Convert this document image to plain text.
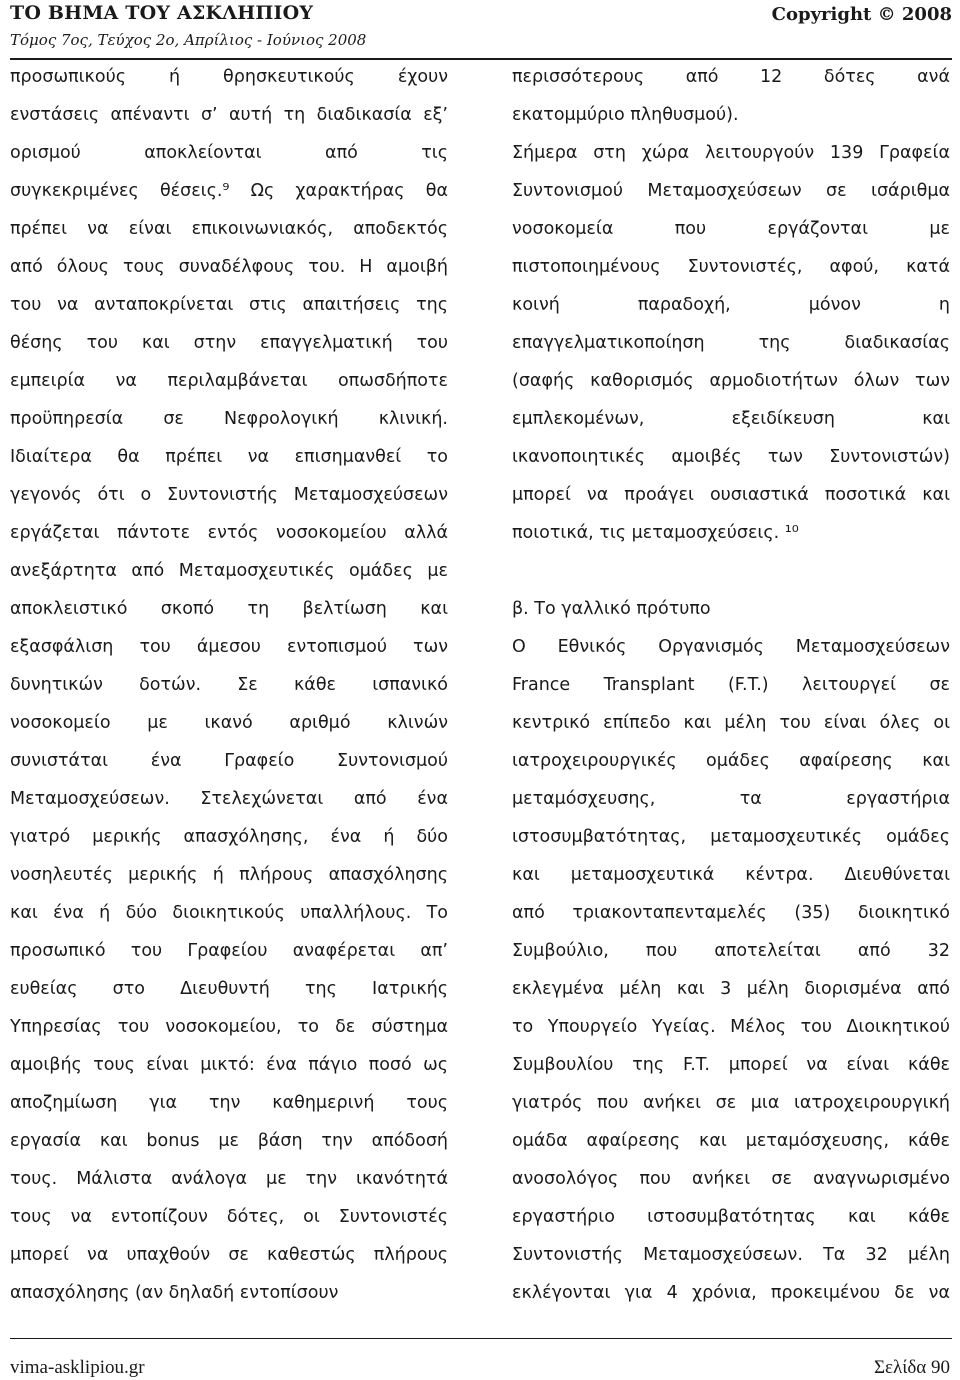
ΤΟ ΒΗΜΑ ΤΟΥ ΑΣΚΛΗΠΙΟΥ	Copyright © 2008
Τόμος 7ος, Τεύχος 2ο, Απρίλιος - Ιούνιος 2008
προσωπικούς ή θρησκευτικούς έχουν
ενστάσεις απέναντι σ’ αυτή τη διαδικασία εξ’
ορισμού αποκλείονται από τις
συγκεκριμένες θέσεις.⁹ Ως χαρακτήρας θα
πρέπει να είναι επικοινωνιακός, αποδεκτός
από όλους τους συναδέλφους του. Η αμοιβή
του να ανταποκρίνεται στις απαιτήσεις της
θέσης του και στην επαγγελματική του
εμπειρία να περιλαμβάνεται οπωσδήποτε
προϋπηρεσία σε Νεφρολογική κλινική.
Ιδιαίτερα θα πρέπει να επισημανθεί το
γεγονός ότι ο Συντονιστής Μεταμοσχεύσεων
εργάζεται πάντοτε εντός νοσοκομείου αλλά
ανεξάρτητα από Μεταμοσχευτικές ομάδες με
αποκλειστικό σκοπό τη βελτίωση και
εξασφάλιση του άμεσου εντοπισμού των
δυνητικών δοτών. Σε κάθε ισπανικό
νοσοκομείο με ικανό αριθμό κλινών
συνιστάται ένα Γραφείο Συντονισμού
Μεταμοσχεύσεων. Στελεχώνεται από ένα
γιατρό μερικής απασχόλησης, ένα ή δύο
νοσηλευτές μερικής ή πλήρους απασχόλησης
και ένα ή δύο διοικητικούς υπαλλήλους. Το
προσωπικό του Γραφείου αναφέρεται απ’
ευθείας στο Διευθυντή της Ιατρικής
Υπηρεσίας του νοσοκομείου, το δε σύστημα
αμοιβής τους είναι μικτό: ένα πάγιο ποσό ως
αποζημίωση για την καθημερινή τους
εργασία και bonus με βάση την απόδοσή
τους. Μάλιστα ανάλογα με την ικανότητά
τους να εντοπίζουν δότες, οι Συντονιστές
μπορεί να υπαχθούν σε καθεστώς πλήρους
απασχόλησης (αν δηλαδή εντοπίσουν
περισσότερους από 12 δότες ανά
εκατομμύριο πληθυσμού).
Σήμερα στη χώρα λειτουργούν 139 Γραφεία
Συντονισμού Μεταμοσχεύσεων σε ισάριθμα
νοσοκομεία που εργάζονται με
πιστοποιημένους Συντονιστές, αφού, κατά
κοινή παραδοχή, μόνον η
επαγγελματικοποίηση της διαδικασίας
(σαφής καθορισμός αρμοδιοτήτων όλων των
εμπλεκομένων, εξειδίκευση και
ικανοποιητικές αμοιβές των Συντονιστών)
μπορεί να προάγει ουσιαστικά ποσοτικά και
ποιοτικά, τις μεταμοσχεύσεις. ¹⁰
β. Το γαλλικό πρότυπο
Ο Εθνικός Οργανισμός Μεταμοσχεύσεων
France Transplant (F.T.) λειτουργεί σε
κεντρικό επίπεδο και μέλη του είναι όλες οι
ιατροχειρουργικές ομάδες αφαίρεσης και
μεταμόσχευσης, τα εργαστήρια
ιστοσυμβατότητας, μεταμοσχευτικές ομάδες
και μεταμοσχευτικά κέντρα. Διευθύνεται
από τριακονταπενταμελές (35) διοικητικό
Συμβούλιο, που αποτελείται από 32
εκλεγμένα μέλη και 3 μέλη διορισμένα από
το Υπουργείο Υγείας. Μέλος του Διοικητικού
Συμβουλίου της F.T. μπορεί να είναι κάθε
γιατρός που ανήκει σε μια ιατροχειρουργική
ομάδα αφαίρεσης και μεταμόσχευσης, κάθε
ανοσολόγος που ανήκει σε αναγνωρισμένο
εργαστήριο ιστοσυμβατότητας και κάθε
Συντονιστής Μεταμοσχεύσεων. Τα 32 μέλη
εκλέγονται για 4 χρόνια, προκειμένου δε να
vima-asklipiou.gr	Σελίδα 90
